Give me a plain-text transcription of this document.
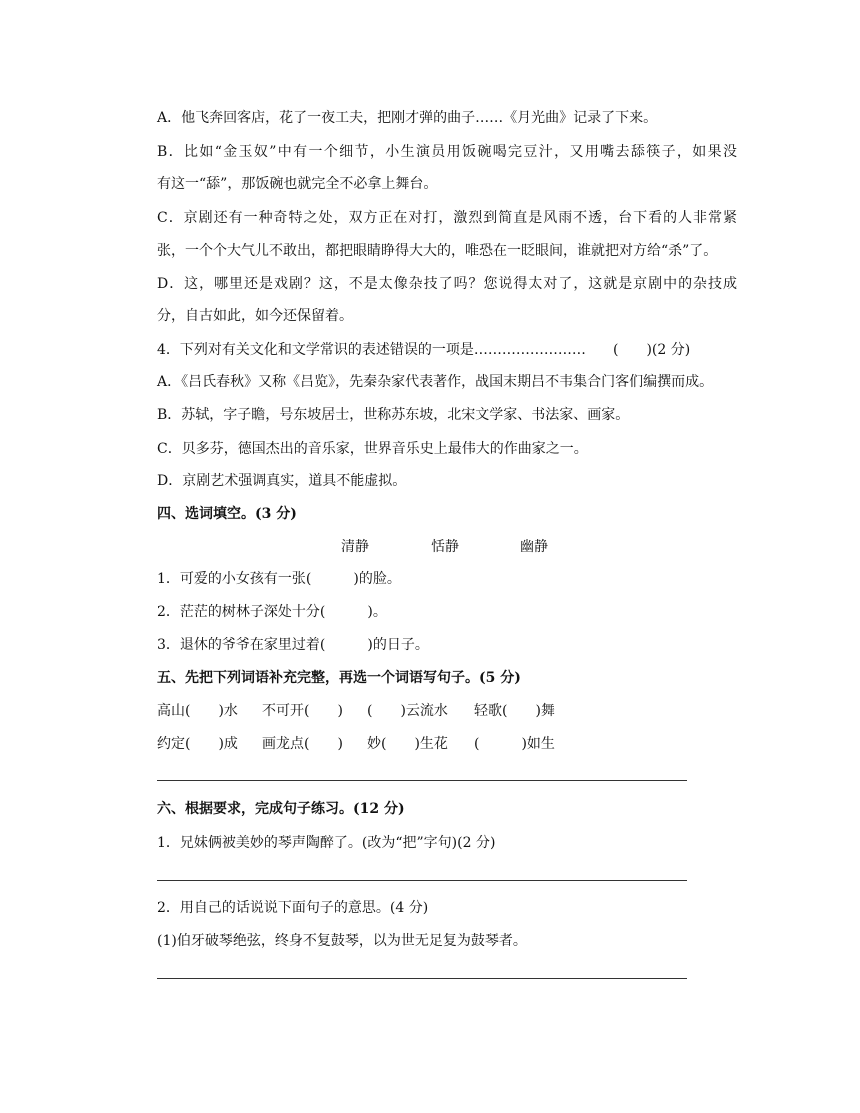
A．他飞奔回客店，花了一夜工夫，把刚才弹的曲子……《月光曲》记录了下来。
B．比如“金玉奴”中有一个细节，小生演员用饭碗喝完豆汁，又用嘴去舔筷子，如果没
有这一“舔”，那饭碗也就完全不必拿上舞台。
C．京剧还有一种奇特之处，双方正在对打，激烈到简直是风雨不透，台下看的人非常紧
张，一个个大气儿不敢出，都把眼睛睁得大大的，唯恐在一眨眼间，谁就把对方给“杀”了。
D．这，哪里还是戏剧？这，不是太像杂技了吗？您说得太对了，这就是京剧中的杂技成
分，自古如此，如今还保留着。
4．下列对有关文化和文学常识的表述错误的一项是…………………… (　　)(2 分)
A．《吕氏春秋》又称《吕览》，先秦杂家代表著作，战国末期吕不韦集合门客们编撰而成。
B．苏轼，字子瞻，号东坡居士，世称苏东坡，北宋文学家、书法家、画家。
C．贝多芬，德国杰出的音乐家，世界音乐史上最伟大的作曲家之一。
D．京剧艺术强调真实，道具不能虚拟。
四、选词填空。(3 分)
清静	恬静	幽静
1．可爱的小女孩有一张(　　　)的脸。
2．茫茫的树林子深处十分(　　　)。
3．退休的爷爷在家里过着(　　　)的日子。
五、先把下列词语补充完整，再选一个词语写句子。(5 分)
高山(　　)水 不可开(　　) (　　)云流水 轻歌(　　)舞
约定(　　)成 画龙点(　　) 妙(　　)生花 (　　　)如生
六、根据要求，完成句子练习。(12 分)
1．兄妹俩被美妙的琴声陶醉了。(改为“把”字句)(2 分)
2．用自己的话说说下面句子的意思。(4 分)
(1)伯牙破琴绝弦，终身不复鼓琴，以为世无足复为鼓琴者。
